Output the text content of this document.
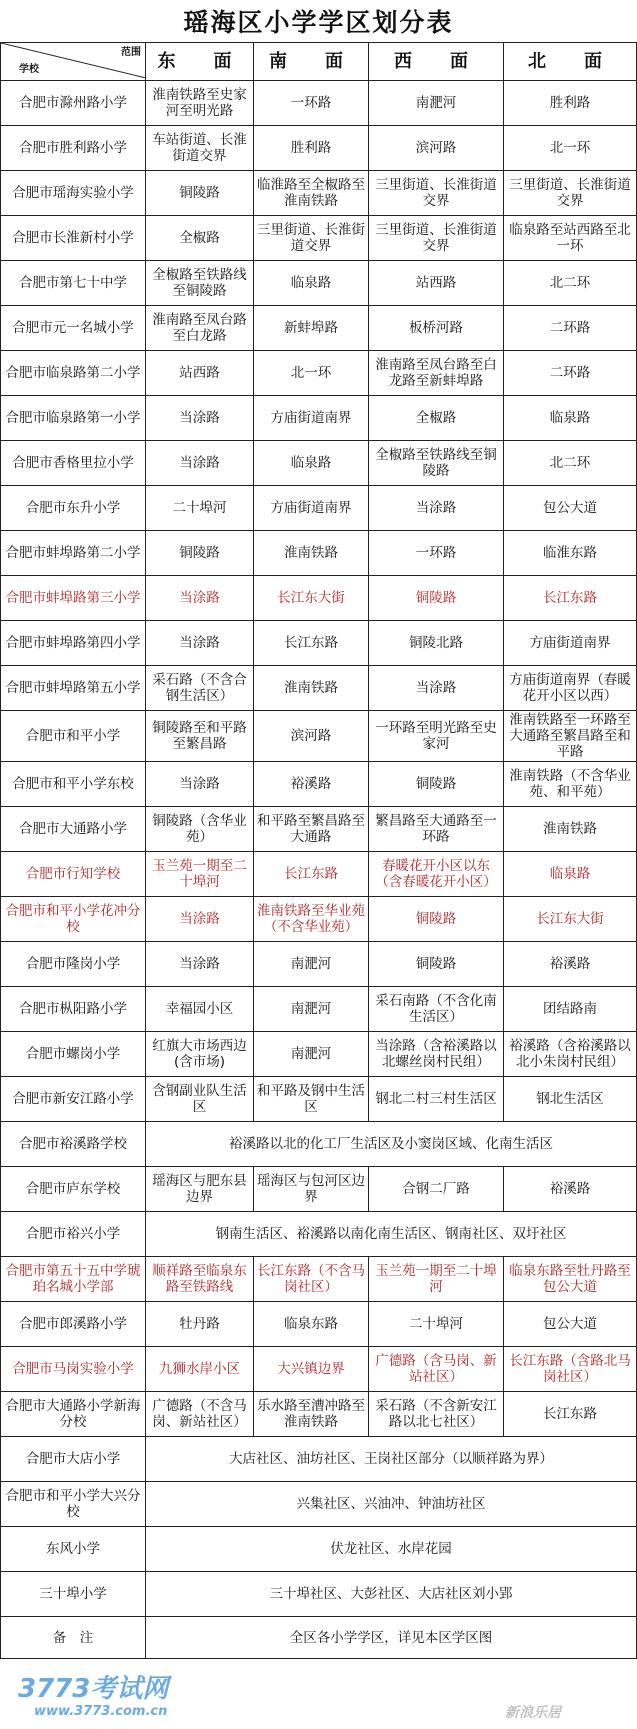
瑶海区小学学区划分表
范围
学校	东　面	南　面	西　面	北　面
合肥市滁州路小学	淮南铁路至史家河至明光路	一环路	南淝河	胜利路
合肥市胜利路小学	车站街道、长淮街道交界	胜利路	滨河路	北一环
合肥市瑶海实验小学	铜陵路	临淮路至全椒路至淮南铁路	三里街道、长淮街道交界	三里街道、长淮街道交界
合肥市长淮新村小学	全椒路	三里街道、长淮街道交界	三里街道、长淮街道交界	临泉路至站西路至北一环
合肥市第七十中学	全椒路至铁路线至铜陵路	临泉路	站西路	北二环
合肥市元一名城小学	淮南路至凤台路至白龙路	新蚌埠路	板桥河路	二环路
合肥市临泉路第二小学	站西路	北一环	淮南路至凤台路至白龙路至新蚌埠路	二环路
合肥市临泉路第一小学	当涂路	方庙街道南界	全椒路	临泉路
合肥市香格里拉小学	当涂路	临泉路	全椒路至铁路线至铜陵路	北二环
合肥市东升小学	二十埠河	方庙街道南界	当涂路	包公大道
合肥市蚌埠路第二小学	铜陵路	淮南铁路	一环路	临淮东路
合肥市蚌埠路第三小学	当涂路	长江东大街	铜陵路	长江东路
合肥市蚌埠路第四小学	当涂路	长江东路	铜陵北路	方庙街道南界
合肥市蚌埠路第五小学	采石路（不含合钢生活区）	淮南铁路	当涂路	方庙街道南界（春暖花开小区以西）
合肥市和平小学	铜陵路至和平路至繁昌路	滨河路	一环路至明光路至史家河	淮南铁路至一环路至大通路至繁昌路至和平路
合肥市和平小学东校	当涂路	裕溪路	铜陵路	淮南铁路（不含华业苑、和平苑）
合肥市大通路小学	铜陵路（含华业苑）	和平路至繁昌路至大通路	繁昌路至大通路至一环路	淮南铁路
合肥市行知学校	玉兰苑一期至二十埠河	长江东路	春暖花开小区以东（含春暖花开小区）	临泉路
合肥市和平小学花冲分校	当涂路	淮南铁路至华业苑（不含华业苑）	铜陵路	长江东大街
合肥市隆岗小学	当涂路	南淝河	铜陵路	裕溪路
合肥市枞阳路小学	幸福园小区	南淝河	采石南路（不含化南生活区）	团结路南
合肥市螺岗小学	红旗大市场西边(含市场)	南淝河	当涂路（含裕溪路以北螺丝岗村民组）	裕溪路（含裕溪路以北小朱岗村民组）
合肥市新安江路小学	含钢副业队生活区	和平路及钢中生活区	钢北二村三村生活区	钢北生活区
合肥市裕溪路学校	裕溪路以北的化工厂生活区及小窦岗区域、化南生活区			
合肥市庐东学校	瑶海区与肥东县边界	瑶海区与包河区边界	合钢二厂路	裕溪路
合肥市裕兴小学	钢南生活区、裕溪路以南化南生活区、钢南社区、双圩社区			
合肥市第五十五中学琥珀名城小学部	顺祥路至临泉东路至铁路线	长江东路（不含马岗社区）	玉兰苑一期至二十埠河	临泉东路至牡丹路至包公大道
合肥市郎溪路小学	牡丹路	临泉东路	二十埠河	包公大道
合肥市马岗实验小学	九狮水岸小区	大兴镇边界	广德路（含马岗、新站社区）	长江东路（含路北马岗社区）
合肥市大通路小学新海分校	广德路（不含马岗、新站社区）	乐水路至漕冲路至淮南铁路	采石路（不含新安江路以北七社区）	长江东路
合肥市大店小学	大店社区、油坊社区、王岗社区部分（以顺祥路为界）			
合肥市和平小学大兴分校	兴集社区、兴油冲、钟油坊社区			
东风小学	伏龙社区、水岸花园			
三十埠小学	三十埠社区、大彭社区、大店社区刘小郢			
备　注	全区各小学学区，详见本区学区图			
3773考试网
www.3773.com.cn	新浪乐居
